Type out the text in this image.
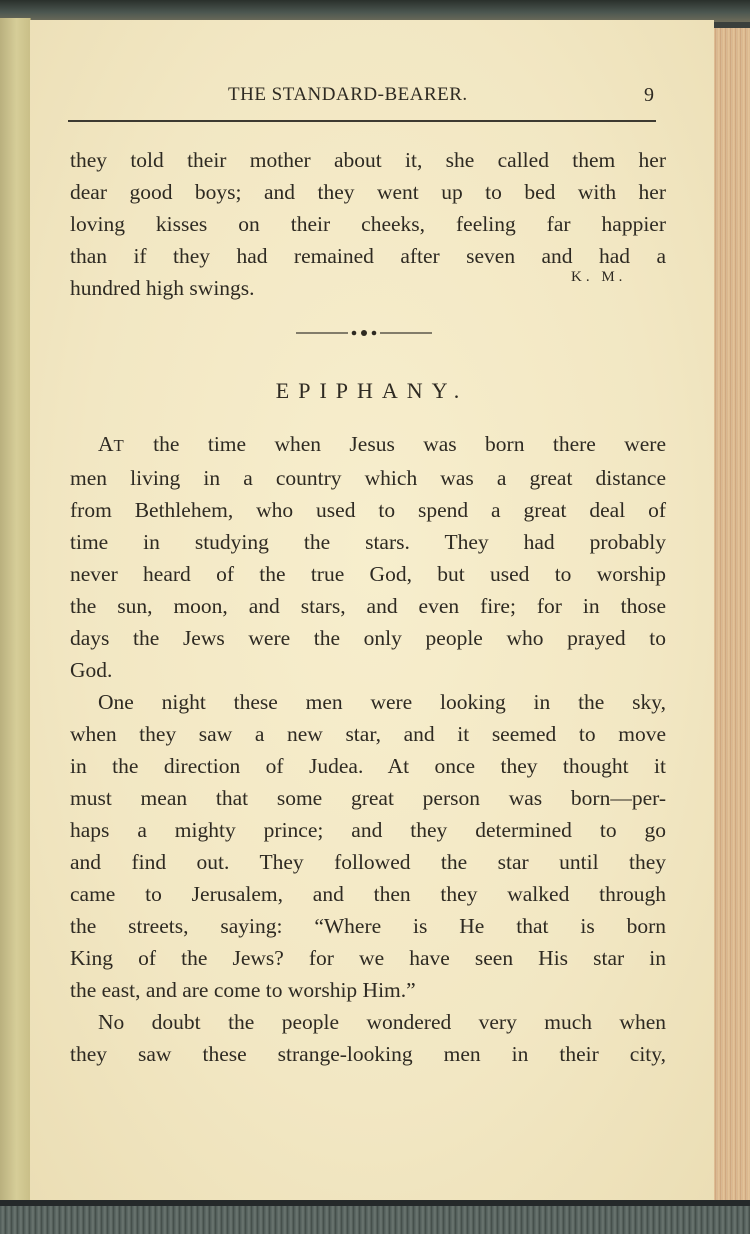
THE STANDARD-BEARER.	9
they told their mother about it, she called them her
dear good boys; and they went up to bed with her
loving kisses on their cheeks, feeling far happier
than if they had remained after seven and had a
hundred high swings.	K. M.
EPIPHANY.
AT the time when Jesus was born there were
men living in a country which was a great distance
from Bethlehem, who used to spend a great deal of
time in studying the stars. They had probably
never heard of the true God, but used to worship
the sun, moon, and stars, and even fire; for in those
days the Jews were the only people who prayed to
God.
One night these men were looking in the sky,
when they saw a new star, and it seemed to move
in the direction of Judea. At once they thought it
must mean that some great person was born—per-
haps a mighty prince; and they determined to go
and find out. They followed the star until they
came to Jerusalem, and then they walked through
the streets, saying: “Where is He that is born
King of the Jews? for we have seen His star in
the east, and are come to worship Him.”
No doubt the people wondered very much when
they saw these strange-looking men in their city,
